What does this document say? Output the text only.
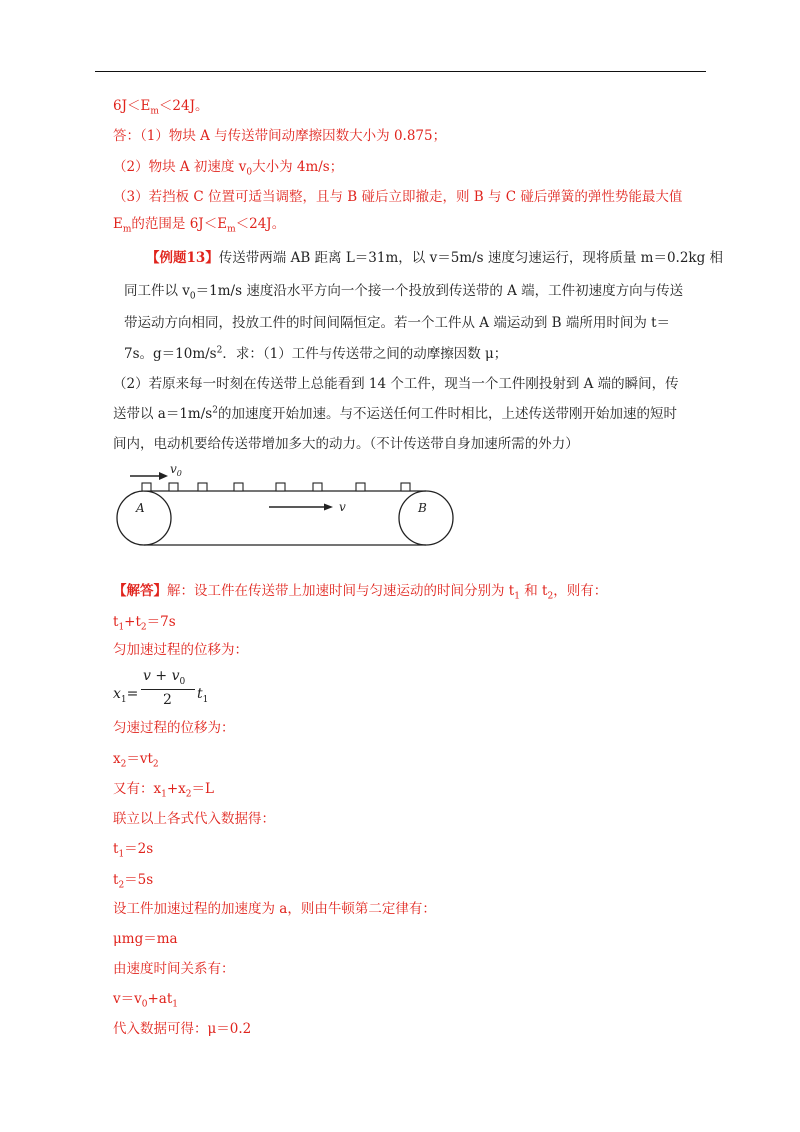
$6J<E_m<24J$。
答：（1）物块 A 与传送带间动摩擦因数大小为 0.875；
（2）物块 A 初速度 $v_0$大小为 4m/s；
（3）若挡板 C 位置可适当调整，且与 B 碰后立即撤走，则 B 与 C 碰后弹簧的弹性势能最大值
$E_m$的范围是 $6J<E_m<24J$。
【例题13】传送带两端 AB 距离 L＝31m，以 v＝5m/s 速度匀速运行，现将质量 m＝0.2kg 相
同工件以 $v_0=1m/s$ 速度沿水平方向一个接一个投放到传送带的 A 端，工件初速度方向与传送
带运动方向相同，投放工件的时间间隔恒定。若一个工件从 A 端运动到 B 端所用时间为 t＝
7s。$g=10m/s^2$．求：（1）工件与传送带之间的动摩擦因数 μ；
（2）若原来每一时刻在传送带上总能看到 14 个工件，现当一个工件刚投射到 A 端的瞬间，传
送带以 $a=1m/s^2$的加速度开始加速。与不运送任何工件时相比，上述传送带刚开始加速的短时
间内，电动机要给传送带增加多大的动力。（不计传送带自身加速所需的外力）
$v_0$
v
A	B
【解答】解：设工件在传送带上加速时间与匀速运动的时间分别为 $t_1$ 和 $t_2$，则有：
$t_1+t_2=7s$
匀加速过程的位移为：
$x_1=$
$v + v_0$
2 $t_1$
匀速过程的位移为：
$x_2=vt_2$
又有：$x_1+x_2=L$
联立以上各式代入数据得：
$t_1=2s$
$t_2=5s$
设工件加速过程的加速度为 a，则由牛顿第二定律有：
μmg＝ma
由速度时间关系有：
$v=v_0+at_1$
代入数据可得：μ＝0.2
